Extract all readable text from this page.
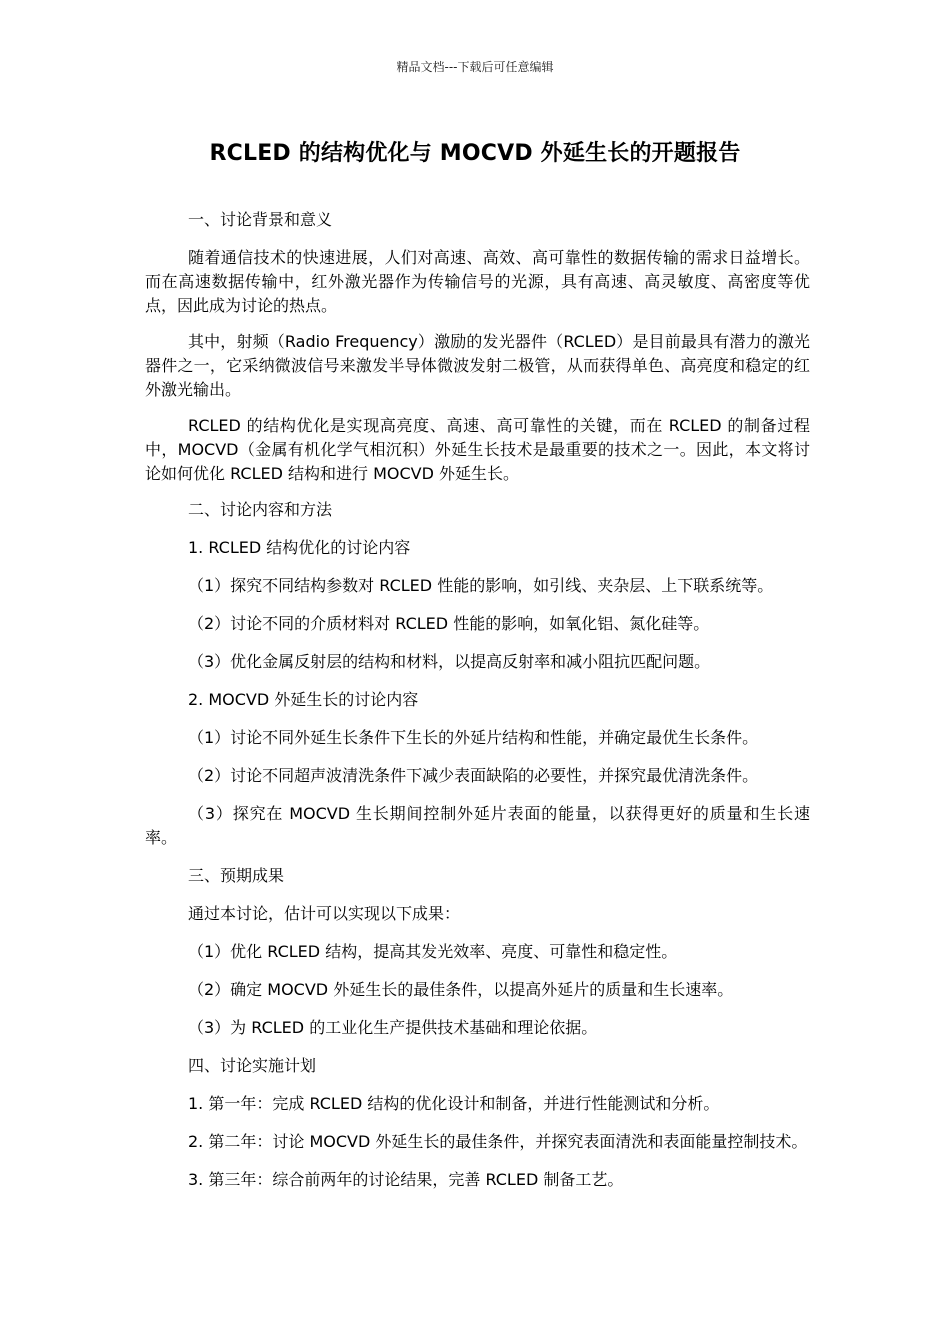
精品文档---下载后可任意编辑
RCLED 的结构优化与 MOCVD 外延生长的开题报告

一、讨论背景和意义

随着通信技术的快速进展，人们对高速、高效、高可靠性的数据传输的需求日益增长。而在高速数据传输中，红外激光器作为传输信号的光源，具有高速、高灵敏度、高密度等优点，因此成为讨论的热点。

其中，射频（Radio Frequency）激励的发光器件（RCLED）是目前最具有潜力的激光器件之一，它采纳微波信号来激发半导体微波发射二极管，从而获得单色、高亮度和稳定的红外激光输出。

RCLED 的结构优化是实现高亮度、高速、高可靠性的关键，而在 RCLED 的制备过程中，MOCVD（金属有机化学气相沉积）外延生长技术是最重要的技术之一。因此，本文将讨论如何优化 RCLED 结构和进行 MOCVD 外延生长。

二、讨论内容和方法

1. RCLED 结构优化的讨论内容

（1）探究不同结构参数对 RCLED 性能的影响，如引线、夹杂层、上下联系统等。

（2）讨论不同的介质材料对 RCLED 性能的影响，如氧化铝、氮化硅等。

（3）优化金属反射层的结构和材料，以提高反射率和减小阻抗匹配问题。

2. MOCVD 外延生长的讨论内容

（1）讨论不同外延生长条件下生长的外延片结构和性能，并确定最优生长条件。

（2）讨论不同超声波清洗条件下减少表面缺陷的必要性，并探究最优清洗条件。

（3）探究在 MOCVD 生长期间控制外延片表面的能量，以获得更好的质量和生长速率。

三、预期成果

通过本讨论，估计可以实现以下成果：

（1）优化 RCLED 结构，提高其发光效率、亮度、可靠性和稳定性。

（2）确定 MOCVD 外延生长的最佳条件，以提高外延片的质量和生长速率。

（3）为 RCLED 的工业化生产提供技术基础和理论依据。

四、讨论实施计划

1. 第一年：完成 RCLED 结构的优化设计和制备，并进行性能测试和分析。

2. 第二年：讨论 MOCVD 外延生长的最佳条件，并探究表面清洗和表面能量控制技术。

3. 第三年：综合前两年的讨论结果，完善 RCLED 制备工艺。
